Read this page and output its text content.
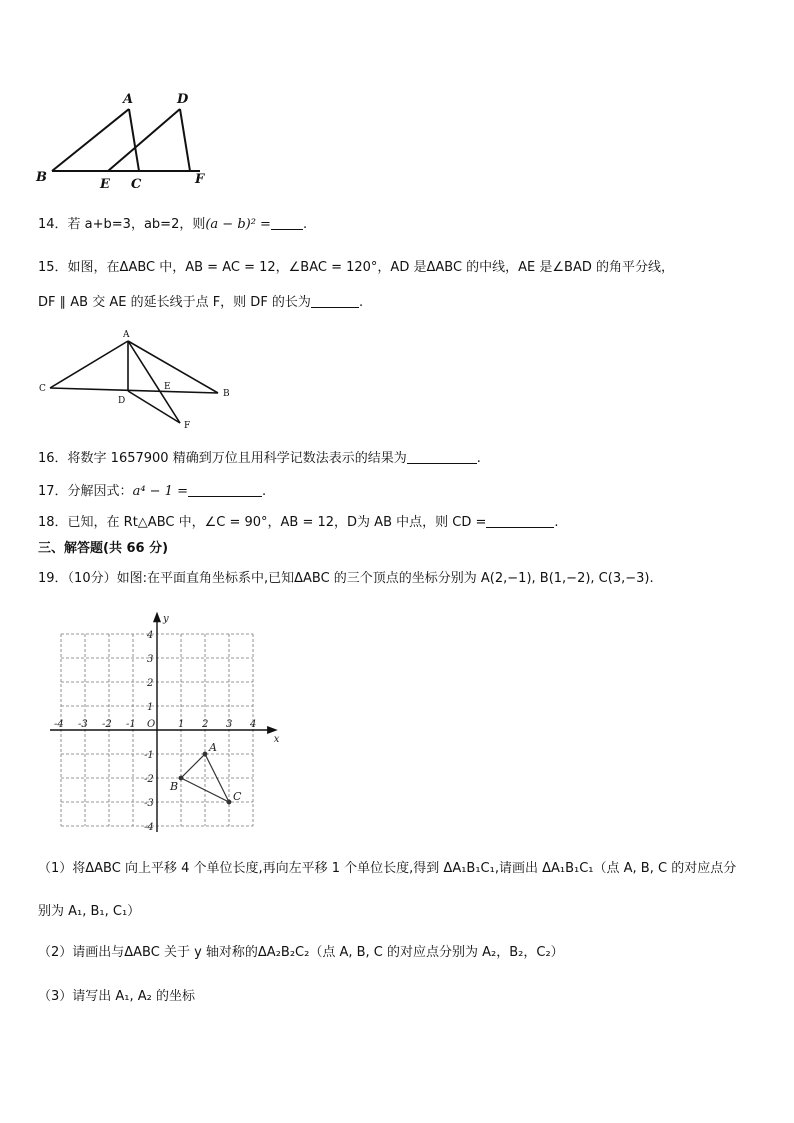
A	D
B	E C	F
14．若 a+b=3，ab=2，则(a − b)² = .
15．如图，在ΔABC 中，AB = AC = 12，∠BAC = 120°，AD 是ΔABC 的中线，AE 是∠BAD 的角平分线，
DF ∥ AB 交 AE 的延长线于点 F，则 DF 的长为	.
A
C	E
B
D
F
16．将数字 1657900 精确到万位且用科学记数法表示的结果为	.
17．分解因式：a⁴ − 1 =	.
18．已知，在 Rt△ABC 中，∠C = 90°，AB = 12，D为 AB 中点，则 CD =	.
三、解答题(共 66 分)
19．（10分）如图:在平面直角坐标系中,已知ΔABC 的三个顶点的坐标分别为 A(2,−1), B(1,−2), C(3,−3).
x
y
-4 -3 -2 -1 O 1 2 3 4
4
3
2
1
-1
-2
-3
-4
A
B
C
（1）将ΔABC 向上平移 4 个单位长度,再向左平移 1 个单位长度,得到 ΔA₁B₁C₁,请画出 ΔA₁B₁C₁（点 A, B, C 的对应点分
别为 A₁, B₁, C₁）
（2）请画出与ΔABC 关于 y 轴对称的ΔA₂B₂C₂（点 A, B, C 的对应点分别为 A₂，B₂，C₂）
（3）请写出 A₁, A₂ 的坐标
